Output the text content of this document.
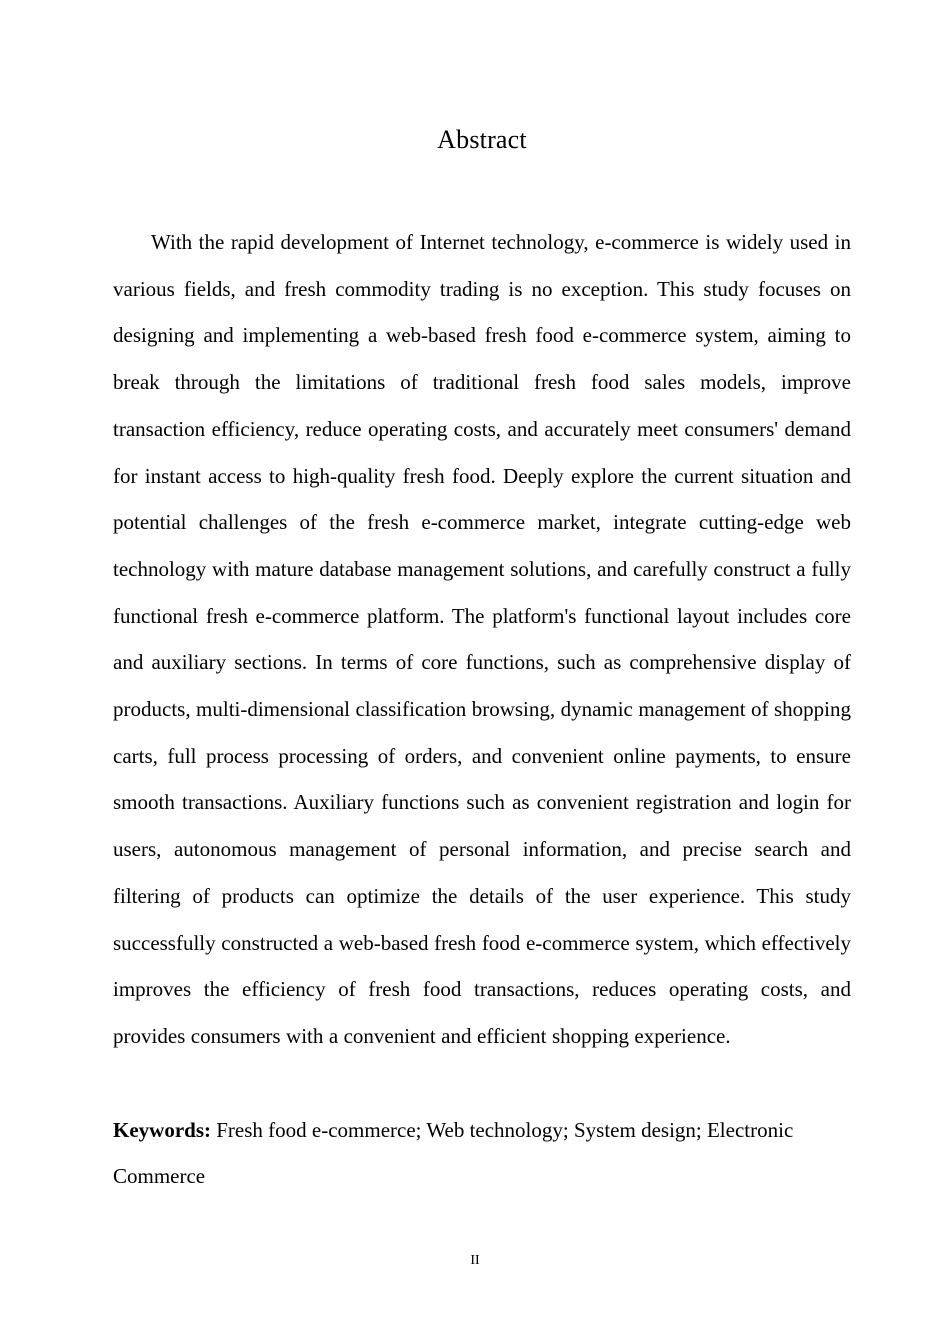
Abstract

With the rapid development of Internet technology, e-commerce is widely used in various fields, and fresh commodity trading is no exception. This study focuses on designing and implementing a web-based fresh food e-commerce system, aiming to break through the limitations of traditional fresh food sales models, improve transaction efficiency, reduce operating costs, and accurately meet consumers' demand for instant access to high-quality fresh food. Deeply explore the current situation and potential challenges of the fresh e-commerce market, integrate cutting-edge web technology with mature database management solutions, and carefully construct a fully functional fresh e-commerce platform. The platform's functional layout includes core and auxiliary sections. In terms of core functions, such as comprehensive display of products, multi-dimensional classification browsing, dynamic management of shopping carts, full process processing of orders, and convenient online payments, to ensure smooth transactions. Auxiliary functions such as convenient registration and login for users, autonomous management of personal information, and precise search and filtering of products can optimize the details of the user experience. This study successfully constructed a web-based fresh food e-commerce system, which effectively improves the efficiency of fresh food transactions, reduces operating costs, and provides consumers with a convenient and efficient shopping experience.

Keywords: Fresh food e-commerce; Web technology; System design; Electronic Commerce

II
